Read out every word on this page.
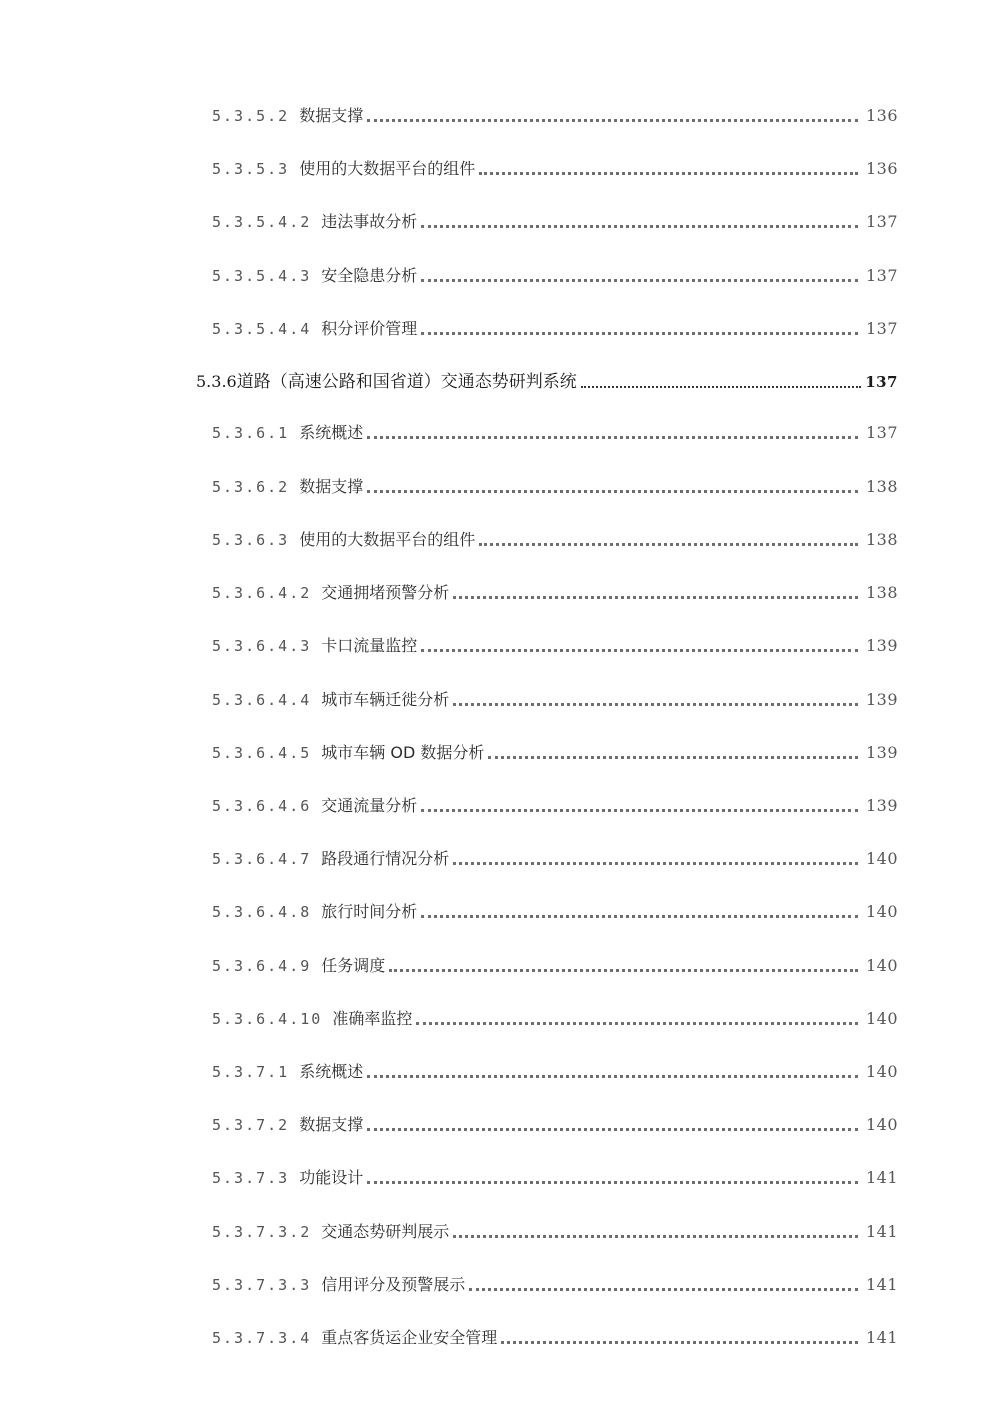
5.3.5.2 数据支撑	136
5.3.5.3 使用的大数据平台的组件	136
5.3.5.4.2 违法事故分析	137
5.3.5.4.3 安全隐患分析	137
5.3.5.4.4 积分评价管理	137
5.3.6 道路（高速公路和国省道）交通态势研判系统	137
5.3.6.1 系统概述	137
5.3.6.2 数据支撑	138
5.3.6.3 使用的大数据平台的组件	138
5.3.6.4.2 交通拥堵预警分析	138
5.3.6.4.3 卡口流量监控	139
5.3.6.4.4 城市车辆迁徙分析	139
5.3.6.4.5 城市车辆 OD 数据分析	139
5.3.6.4.6 交通流量分析	139
5.3.6.4.7 路段通行情况分析	140
5.3.6.4.8 旅行时间分析	140
5.3.6.4.9 任务调度	140
5.3.6.4.10 准确率监控	140
5.3.7.1 系统概述	140
5.3.7.2 数据支撑	140
5.3.7.3 功能设计	141
5.3.7.3.2 交通态势研判展示	141
5.3.7.3.3 信用评分及预警展示	141
5.3.7.3.4 重点客货运企业安全管理	141
